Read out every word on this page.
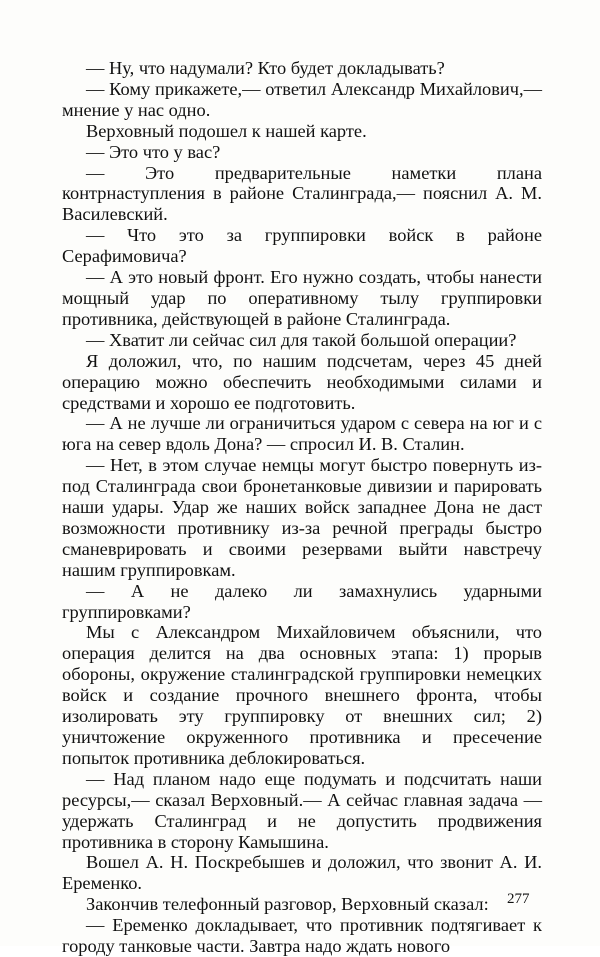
— Ну, что надумали? Кто будет докладывать?

— Кому прикажете,— ответил Александр Михайлович,— мнение у нас одно.

Верховный подошел к нашей карте.

— Это что у вас?

— Это предварительные наметки плана контрнаступления в районе Сталинграда,— пояснил А. М. Василевский.

— Что это за группировки войск в районе Серафимовича?

— А это новый фронт. Его нужно создать, чтобы нанести мощный удар по оперативному тылу группировки противника, действующей в районе Сталинграда.

— Хватит ли сейчас сил для такой большой операции?

Я доложил, что, по нашим подсчетам, через 45 дней операцию можно обеспечить необходимыми силами и средствами и хорошо ее подготовить.

— А не лучше ли ограничиться ударом с севера на юг и с юга на север вдоль Дона? — спросил И. В. Сталин.

— Нет, в этом случае немцы могут быстро повернуть из-под Сталинграда свои бронетанковые дивизии и парировать наши удары. Удар же наших войск западнее Дона не даст возможности противнику из-за речной преграды быстро сманеврировать и своими резервами выйти навстречу нашим группировкам.

— А не далеко ли замахнулись ударными группировками?

Мы с Александром Михайловичем объяснили, что операция делится на два основных этапа: 1) прорыв обороны, окружение сталинградской группировки немецких войск и создание прочного внешнего фронта, чтобы изолировать эту группировку от внешних сил; 2) уничтожение окруженного противника и пресечение попыток противника деблокироваться.

— Над планом надо еще подумать и подсчитать наши ресурсы,— сказал Верховный.— А сейчас главная задача — удержать Сталинград и не допустить продвижения противника в сторону Камышина.

Вошел А. Н. Поскребышев и доложил, что звонит А. И. Еременко.

Закончив телефонный разговор, Верховный сказал:

— Еременко докладывает, что противник подтягивает к городу танковые части. Завтра надо ждать нового

277
